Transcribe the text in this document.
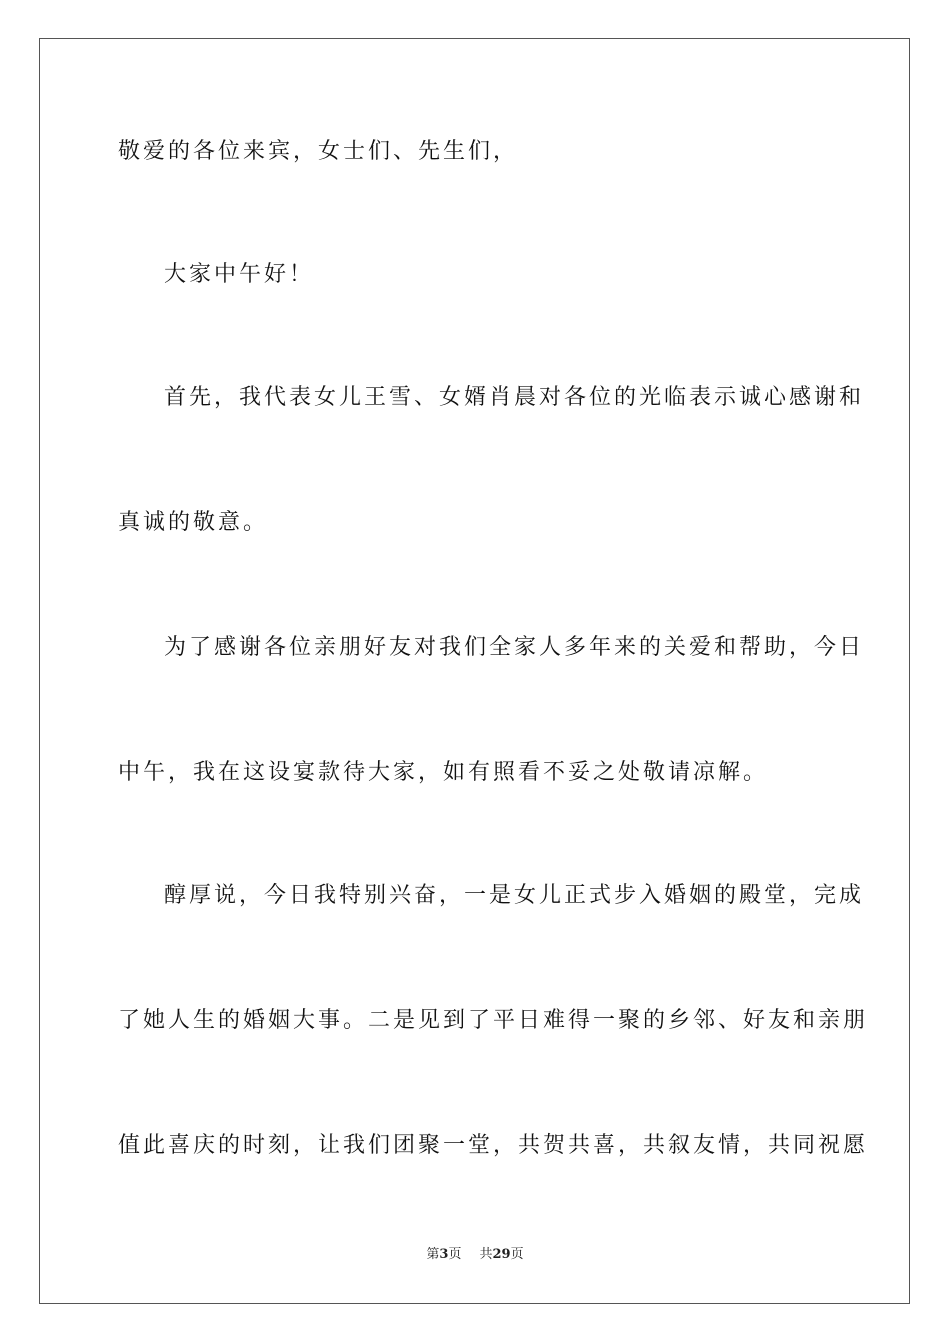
敬爱的各位来宾，女士们、先生们，
大家中午好！
首先，我代表女儿王雪、女婿肖晨对各位的光临表示诚心感谢和
真诚的敬意。
为了感谢各位亲朋好友对我们全家人多年来的关爱和帮助，今日
中午，我在这设宴款待大家，如有照看不妥之处敬请凉解。
醇厚说，今日我特别兴奋，一是女儿正式步入婚姻的殿堂，完成
了她人生的婚姻大事。二是见到了平日难得一聚的乡邻、好友和亲朋
值此喜庆的时刻，让我们团聚一堂，共贺共喜，共叙友情，共同祝愿
第3页 共29页
